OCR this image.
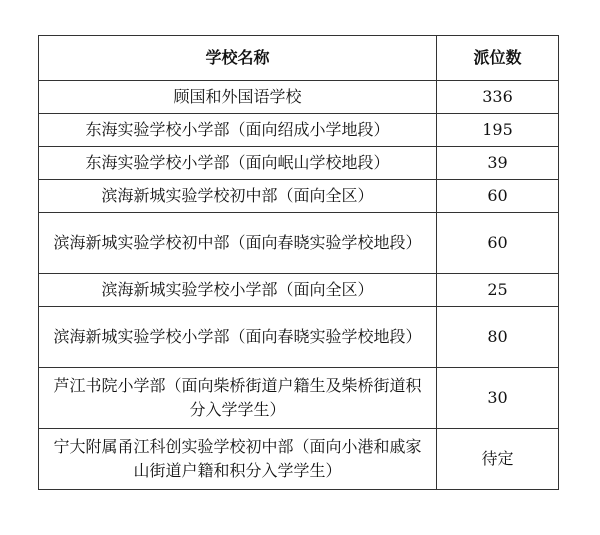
学校名称	派位数
顾国和外国语学校	336
东海实验学校小学部（面向绍成小学地段）	195
东海实验学校小学部（面向岷山学校地段）	39
滨海新城实验学校初中部（面向全区）	60
滨海新城实验学校初中部（面向春晓实验学校地段）	60
滨海新城实验学校小学部（面向全区）	25
滨海新城实验学校小学部（面向春晓实验学校地段）	80
芦江书院小学部（面向柴桥街道户籍生及柴桥街道积分入学学生）	30
宁大附属甬江科创实验学校初中部（面向小港和戚家山街道户籍和积分入学学生）	待定
